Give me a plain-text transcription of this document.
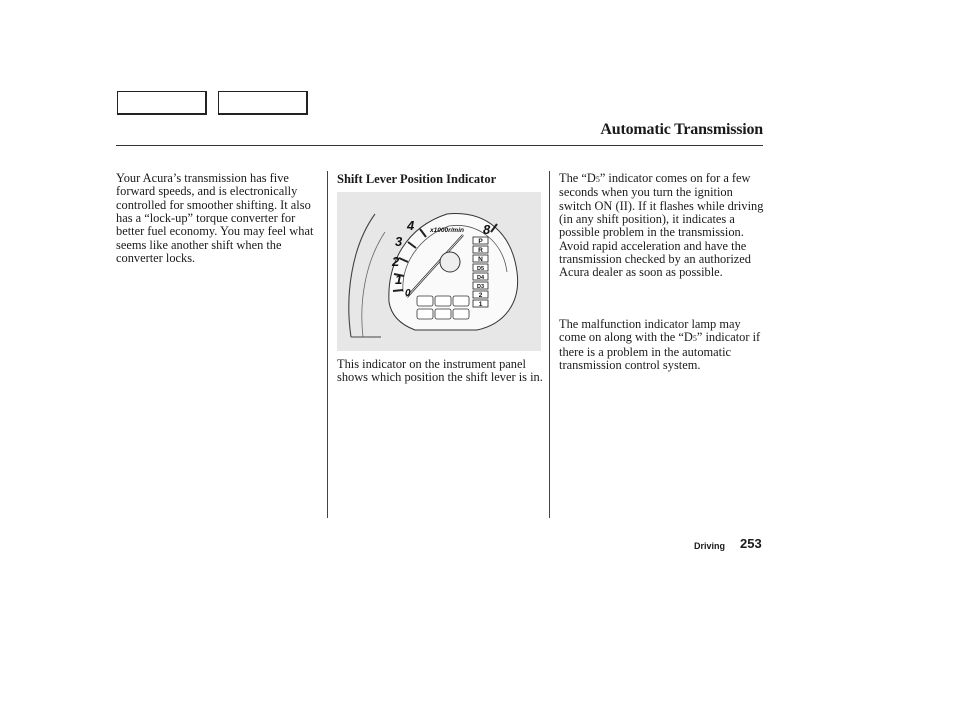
Automatic Transmission

Your Acura’s transmission has five forward speeds, and is electronically controlled for smoother shifting. It also has a “lock-up” torque converter for better fuel economy. You may feel what seems like another shift when the converter locks.

Shift Lever Position Indicator
0
1
2
3
4	8
x1000r/min
P
R
N
D5
D4
D3
2
1

This indicator on the instrument panel shows which position the shift lever is in.

The “D5” indicator comes on for a few seconds when you turn the ignition switch ON (II). If it flashes while driving (in any shift position), it indicates a possible problem in the transmission. Avoid rapid acceleration and have the transmission checked by an authorized Acura dealer as soon as possible.

The malfunction indicator lamp may come on along with the “D5” indicator if there is a problem in the automatic transmission control system.

Driving 253
